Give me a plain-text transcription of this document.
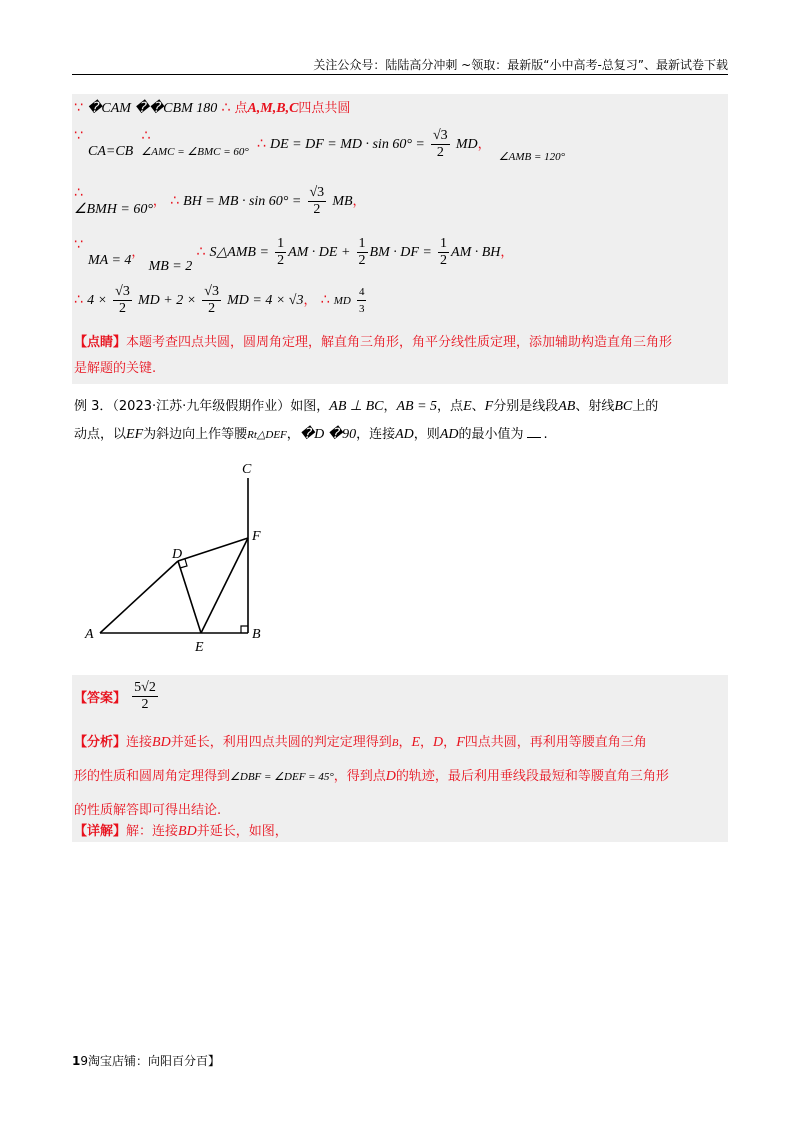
关注公众号：陆陆高分冲刺 ~领取：最新版“小中高考-总复习”、最新试卷下载
∵ �CAM ��CBM 180 ∴ 点A,M,B,C四点共圆
∵
CA=CB ∴
∠AMC = ∠BMC = 60° ∴ DE = DF = MD · $\sin 60^\circ = \frac{√3}{2}$ MD， ∠AMB = 120°
∴
∠BMH = 60°， ∴ BH = MB · $\sin 60^\circ = \frac{√3}{2}$ MB，
∵
MA = 4， MB = 2 ∴ S△AMB = $\frac{1}{2}$ AM · DE + $\frac{1}{2}$ BM · DF = $\frac{1}{2}$ AM · BH，
∴ $4 \times \frac{√3}{2}$ MD + $2 \times \frac{√3}{2}$ MD = 4 × √3， ∴ MD $\frac{4}{3}$
【点睛】本题考查四点共圆，圆周角定理，解直角三角形，角平分线性质定理，添加辅助构造直角三角形
是解题的关键.
例 3．（2023·江苏·九年级假期作业）如图，AB ⊥ BC，AB = 5，点E、F分别是线段AB、射线BC上的
动点，以EF为斜边向上作等腰Rt△DEF，�D �90，连接AD，则AD的最小值为 .
C
F
D
A
E
B
【答案】 $\frac{5√2}{2}$
【分析】连接BD并延长，利用四点共圆的判定定理得到B，E，D，F四点共圆，再利用等腰直角三角
形的性质和圆周角定理得到∠DBF = ∠DEF = 45°，得到点D的轨迹，最后利用垂线段最短和等腰直角三角形
的性质解答即可得出结论.
【详解】解：连接BD并延长，如图，
19淘宝店铺：向阳百分百】
